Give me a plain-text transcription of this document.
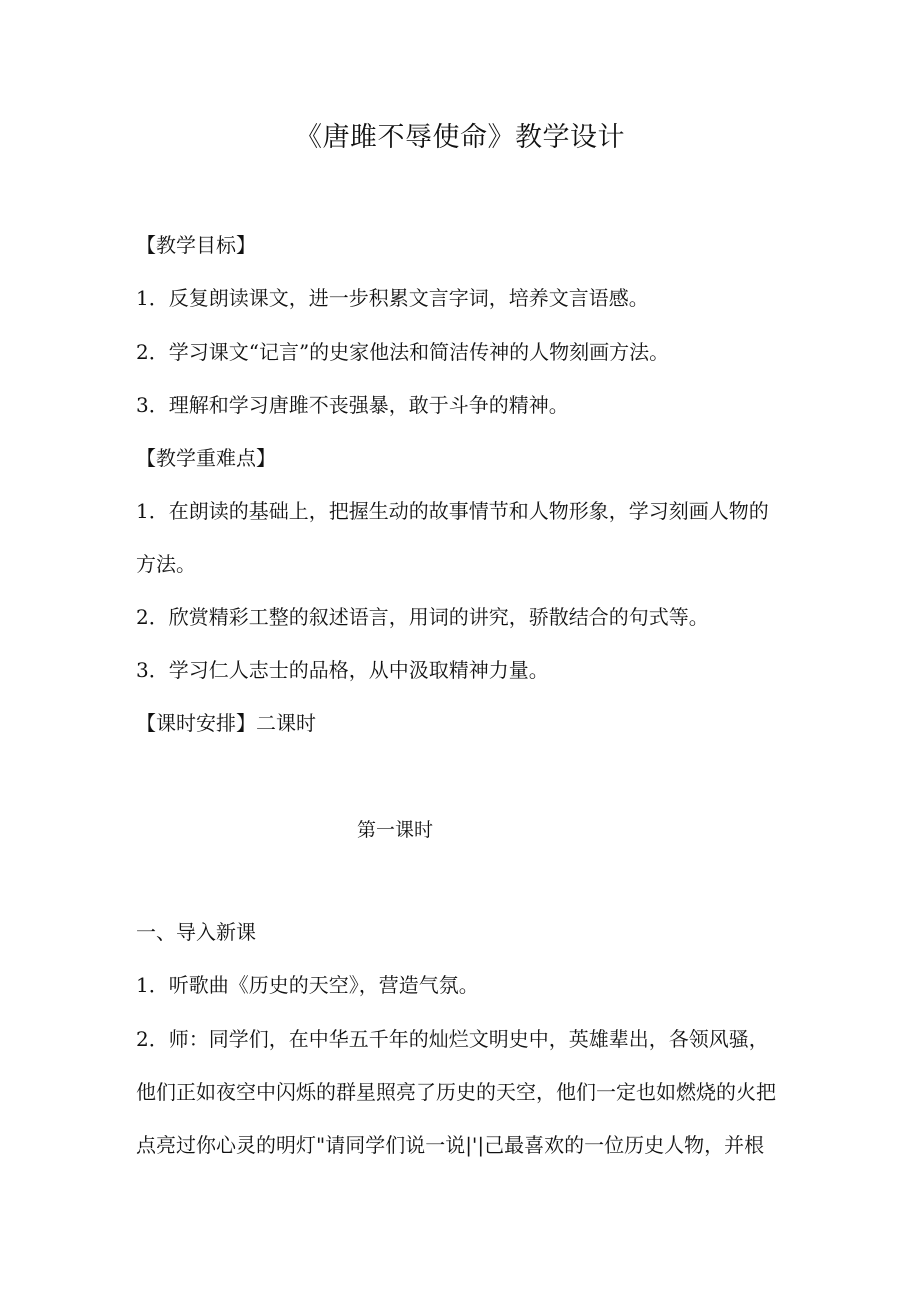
《唐雎不辱使命》教学设计
【教学目标】
1．反复朗读课文，进一步积累文言字词，培养文言语感。
2．学习课文“记言”的史家他法和简洁传神的人物刻画方法。
3．理解和学习唐雎不丧强暴，敢于斗争的精神。
【教学重难点】
1．在朗读的基础上，把握生动的故事情节和人物形象，学习刻画人物的
方法。
2．欣赏精彩工整的叙述语言，用词的讲究，骄散结合的句式等。
3．学习仁人志士的品格，从中汲取精神力量。
【课时安排】二课时
第一课时
一、导入新课
1．听歌曲《历史的天空》，营造气氛。
2．师：同学们，在中华五千年的灿烂文明史中，英雄辈出，各领风骚，
他们正如夜空中闪烁的群星照亮了历史的天空，他们一定也如燃烧的火把
点亮过你心灵的明灯"请同学们说一说|'|己最喜欢的一位历史人物，并根
